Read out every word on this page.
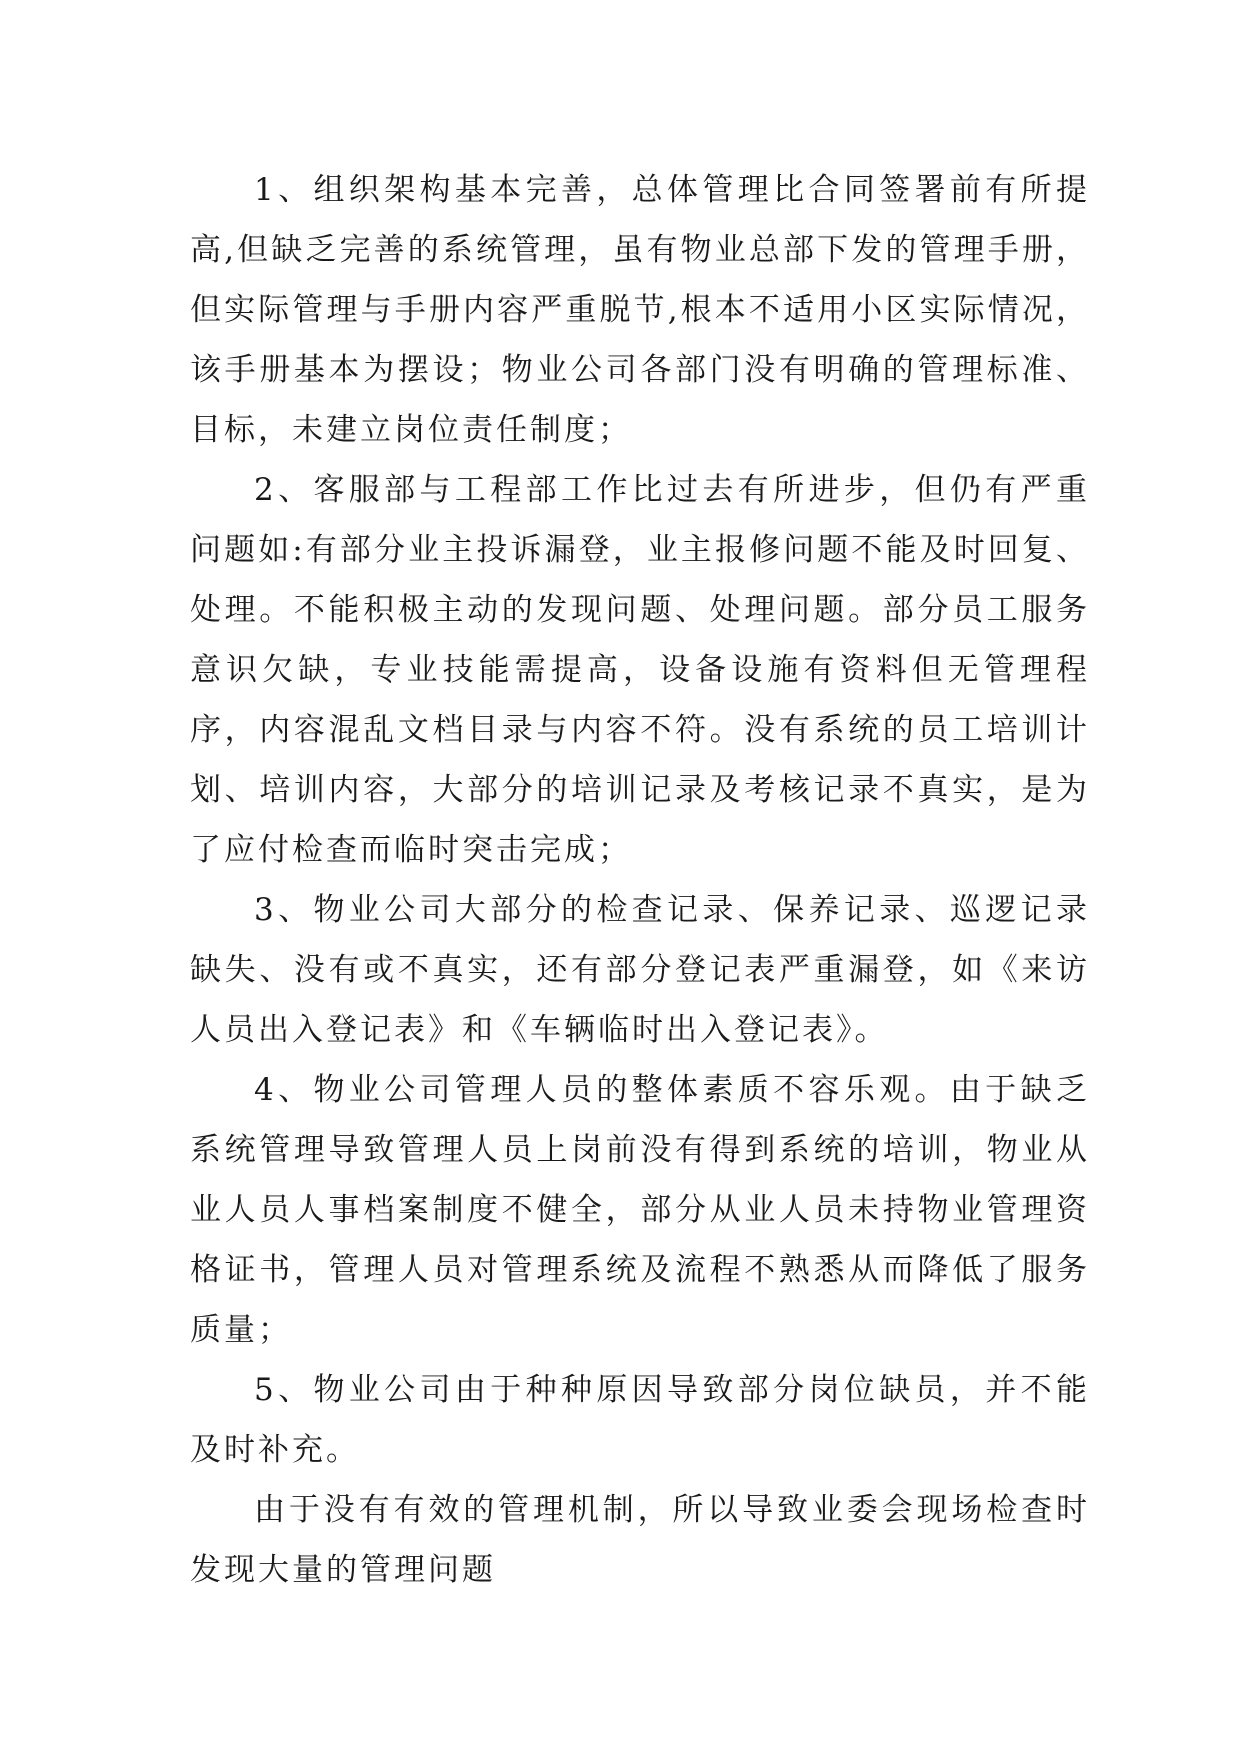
1、组织架构基本完善，总体管理比合同签署前有所提高,但缺乏完善的系统管理，虽有物业总部下发的管理手册，但实际管理与手册内容严重脱节,根本不适用小区实际情况，该手册基本为摆设；物业公司各部门没有明确的管理标准、目标，未建立岗位责任制度；

2、客服部与工程部工作比过去有所进步，但仍有严重问题如:有部分业主投诉漏登，业主报修问题不能及时回复、处理。不能积极主动的发现问题、处理问题。部分员工服务意识欠缺，专业技能需提高，设备设施有资料但无管理程序，内容混乱文档目录与内容不符。没有系统的员工培训计划、培训内容，大部分的培训记录及考核记录不真实，是为了应付检查而临时突击完成；

3、物业公司大部分的检查记录、保养记录、巡逻记录缺失、没有或不真实，还有部分登记表严重漏登，如《来访人员出入登记表》和《车辆临时出入登记表》。

4、物业公司管理人员的整体素质不容乐观。由于缺乏系统管理导致管理人员上岗前没有得到系统的培训，物业从业人员人事档案制度不健全，部分从业人员未持物业管理资格证书，管理人员对管理系统及流程不熟悉从而降低了服务质量；

5、物业公司由于种种原因导致部分岗位缺员，并不能及时补充。

由于没有有效的管理机制，所以导致业委会现场检查时发现大量的管理问题
